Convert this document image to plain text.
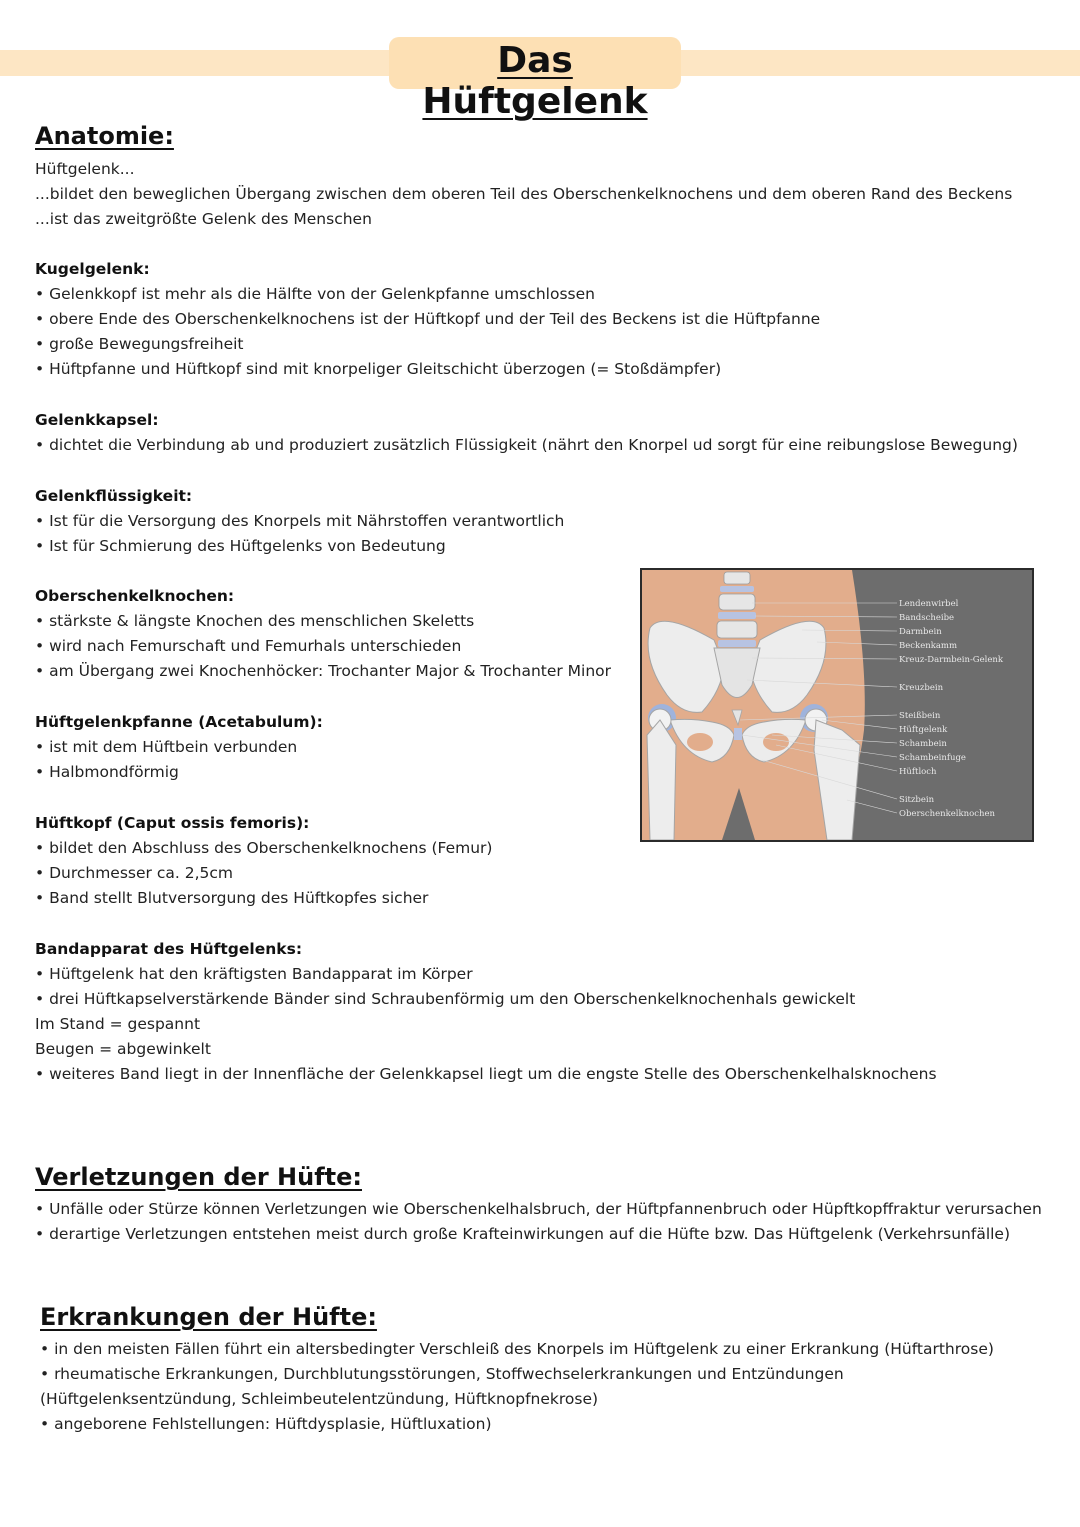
Das Hüftgelenk
Anatomie:

Hüftgelenk...

...bildet den beweglichen Übergang zwischen dem oberen Teil des Oberschenkelknochens und dem oberen Rand des Beckens

...ist das zweitgrößte Gelenk des Menschen

Kugelgelenk:

• Gelenkkopf ist mehr als die Hälfte von der Gelenkpfanne umschlossen

• obere Ende des Oberschenkelknochens ist der Hüftkopf und der Teil des Beckens ist die Hüftpfanne

• große Bewegungsfreiheit

• Hüftpfanne und Hüftkopf sind mit knorpeliger Gleitschicht überzogen (= Stoßdämpfer)

Gelenkkapsel:

• dichtet die Verbindung ab und produziert zusätzlich Flüssigkeit (nährt den Knorpel ud sorgt für eine reibungslose Bewegung)

Gelenkflüssigkeit:

• Ist für die Versorgung des Knorpels mit Nährstoffen verantwortlich

• Ist für Schmierung des Hüftgelenks von Bedeutung

Oberschenkelknochen:

• stärkste & längste Knochen des menschlichen Skeletts

• wird nach Femurschaft und Femurhals unterschieden

• am Übergang zwei Knochenhöcker: Trochanter Major & Trochanter Minor

Hüftgelenkpfanne (Acetabulum):

• ist mit dem Hüftbein verbunden

• Halbmondförmig

Hüftkopf (Caput ossis femoris):

• bildet den Abschluss des Oberschenkelknochens (Femur)

• Durchmesser ca. 2,5cm

• Band stellt Blutversorgung des Hüftkopfes sicher

Bandapparat des Hüftgelenks:

• Hüftgelenk hat den kräftigsten Bandapparat im Körper

• drei Hüftkapselverstärkende Bänder sind Schraubenförmig um den Oberschenkelknochenhals gewickelt

Im Stand = gespannt

Beugen = abgewinkelt

• weiteres Band liegt in der Innenfläche der Gelenkkapsel liegt um die engste Stelle des Oberschenkelhalsknochens

Lendenwirbel
Bandscheibe
Darmbein
Beckenkamm
Kreuz-Darmbein-Gelenk
Kreuzbein
Steißbein
Hüftgelenk
Schambein
Schambeinfuge
Hüftloch
Sitzbein
Oberschenkelknochen
Verletzungen der Hüfte:

• Unfälle oder Stürze können Verletzungen wie Oberschenkelhalsbruch, der Hüftpfannenbruch oder Hüpftkopffraktur verursachen

• derartige Verletzungen entstehen meist durch große Krafteinwirkungen auf die Hüfte bzw. Das Hüftgelenk (Verkehrsunfälle)

Erkrankungen der Hüfte:

• in den meisten Fällen führt ein altersbedingter Verschleiß des Knorpels im Hüftgelenk zu einer Erkrankung (Hüftarthrose)

• rheumatische Erkrankungen, Durchblutungsstörungen, Stoffwechselerkrankungen und Entzündungen (Hüftgelenksentzündung, Schleimbeutelentzündung, Hüftknopfnekrose)

• angeborene Fehlstellungen: Hüftdysplasie, Hüftluxation)
